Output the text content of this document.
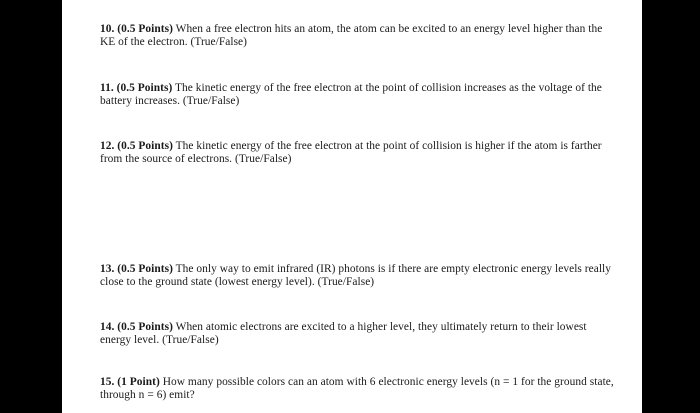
10. (0.5 Points) When a free electron hits an atom, the atom can be excited to an energy level higher than the KE of the electron. (True/False)

11. (0.5 Points) The kinetic energy of the free electron at the point of collision increases as the voltage of the battery increases. (True/False)

12. (0.5 Points) The kinetic energy of the free electron at the point of collision is higher if the atom is farther from the source of electrons. (True/False)

13. (0.5 Points) The only way to emit infrared (IR) photons is if there are empty electronic energy levels really close to the ground state (lowest energy level). (True/False)

14. (0.5 Points) When atomic electrons are excited to a higher level, they ultimately return to their lowest energy level. (True/False)

15. (1 Point) How many possible colors can an atom with 6 electronic energy levels (n = 1 for the ground state, through n = 6) emit?
